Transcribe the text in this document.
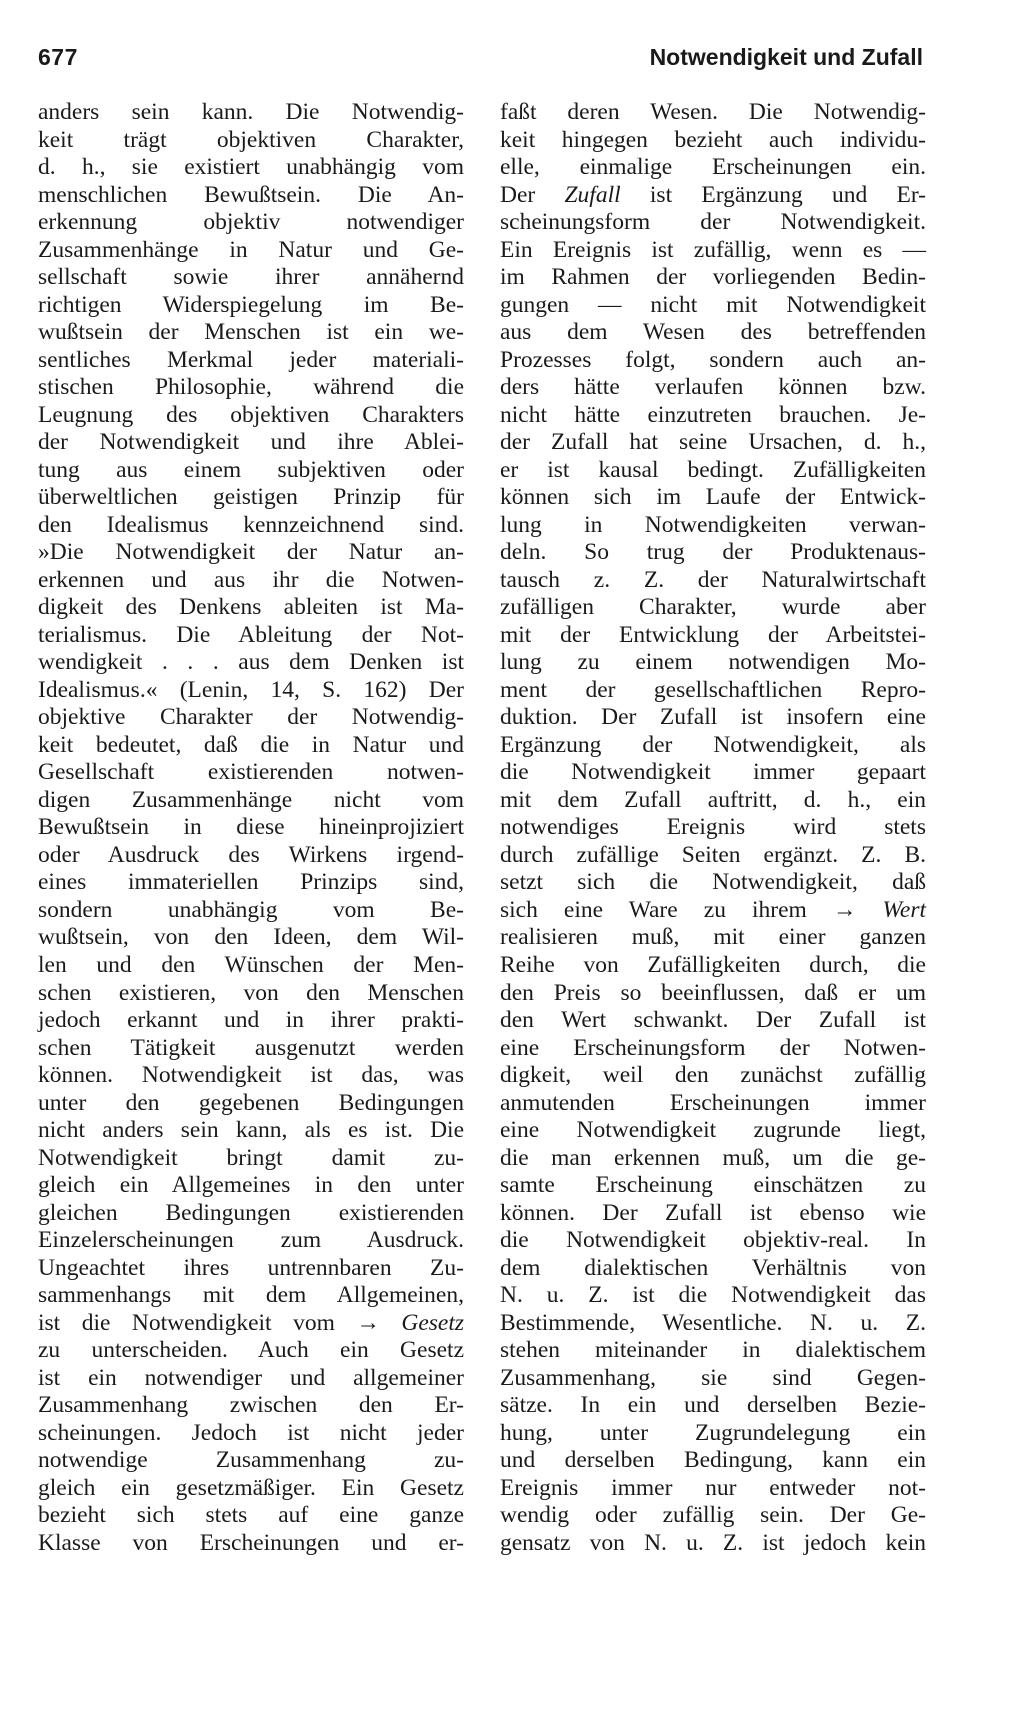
677	Notwendigkeit und Zufall
anders sein kann. Die Notwendig-
keit trägt objektiven Charakter,
d. h., sie existiert unabhängig vom
menschlichen Bewußtsein. Die An-
erkennung objektiv notwendiger
Zusammenhänge in Natur und Ge-
sellschaft sowie ihrer annähernd
richtigen Widerspiegelung im Be-
wußtsein der Menschen ist ein we-
sentliches Merkmal jeder materiali-
stischen Philosophie, während die
Leugnung des objektiven Charakters
der Notwendigkeit und ihre Ablei-
tung aus einem subjektiven oder
überweltlichen geistigen Prinzip für
den Idealismus kennzeichnend sind.
»Die Notwendigkeit der Natur an-
erkennen und aus ihr die Notwen-
digkeit des Denkens ableiten ist Ma-
terialismus. Die Ableitung der Not-
wendigkeit . . . aus dem Denken ist
Idealismus.« (Lenin, 14, S. 162) Der
objektive Charakter der Notwendig-
keit bedeutet, daß die in Natur und
Gesellschaft existierenden notwen-
digen Zusammenhänge nicht vom
Bewußtsein in diese hineinprojiziert
oder Ausdruck des Wirkens irgend-
eines immateriellen Prinzips sind,
sondern unabhängig vom Be-
wußtsein, von den Ideen, dem Wil-
len und den Wünschen der Men-
schen existieren, von den Menschen
jedoch erkannt und in ihrer prakti-
schen Tätigkeit ausgenutzt werden
können. Notwendigkeit ist das, was
unter den gegebenen Bedingungen
nicht anders sein kann, als es ist. Die
Notwendigkeit bringt damit zu-
gleich ein Allgemeines in den unter
gleichen Bedingungen existierenden
Einzelerscheinungen zum Ausdruck.
Ungeachtet ihres untrennbaren Zu-
sammenhangs mit dem Allgemeinen,
ist die Notwendigkeit vom → Gesetz
zu unterscheiden. Auch ein Gesetz
ist ein notwendiger und allgemeiner
Zusammenhang zwischen den Er-
scheinungen. Jedoch ist nicht jeder
notwendige Zusammenhang zu-
gleich ein gesetzmäßiger. Ein Gesetz
bezieht sich stets auf eine ganze
Klasse von Erscheinungen und er-
faßt deren Wesen. Die Notwendig-
keit hingegen bezieht auch individu-
elle, einmalige Erscheinungen ein.
Der Zufall ist Ergänzung und Er-
scheinungsform der Notwendigkeit.
Ein Ereignis ist zufällig, wenn es —
im Rahmen der vorliegenden Bedin-
gungen — nicht mit Notwendigkeit
aus dem Wesen des betreffenden
Prozesses folgt, sondern auch an-
ders hätte verlaufen können bzw.
nicht hätte einzutreten brauchen. Je-
der Zufall hat seine Ursachen, d. h.,
er ist kausal bedingt. Zufälligkeiten
können sich im Laufe der Entwick-
lung in Notwendigkeiten verwan-
deln. So trug der Produktenaus-
tausch z. Z. der Naturalwirtschaft
zufälligen Charakter, wurde aber
mit der Entwicklung der Arbeitstei-
lung zu einem notwendigen Mo-
ment der gesellschaftlichen Repro-
duktion. Der Zufall ist insofern eine
Ergänzung der Notwendigkeit, als
die Notwendigkeit immer gepaart
mit dem Zufall auftritt, d. h., ein
notwendiges Ereignis wird stets
durch zufällige Seiten ergänzt. Z. B.
setzt sich die Notwendigkeit, daß
sich eine Ware zu ihrem → Wert
realisieren muß, mit einer ganzen
Reihe von Zufälligkeiten durch, die
den Preis so beeinflussen, daß er um
den Wert schwankt. Der Zufall ist
eine Erscheinungsform der Notwen-
digkeit, weil den zunächst zufällig
anmutenden Erscheinungen immer
eine Notwendigkeit zugrunde liegt,
die man erkennen muß, um die ge-
samte Erscheinung einschätzen zu
können. Der Zufall ist ebenso wie
die Notwendigkeit objektiv-real. In
dem dialektischen Verhältnis von
N. u. Z. ist die Notwendigkeit das
Bestimmende, Wesentliche. N. u. Z.
stehen miteinander in dialektischem
Zusammenhang, sie sind Gegen-
sätze. In ein und derselben Bezie-
hung, unter Zugrundelegung ein
und derselben Bedingung, kann ein
Ereignis immer nur entweder not-
wendig oder zufällig sein. Der Ge-
gensatz von N. u. Z. ist jedoch kein
